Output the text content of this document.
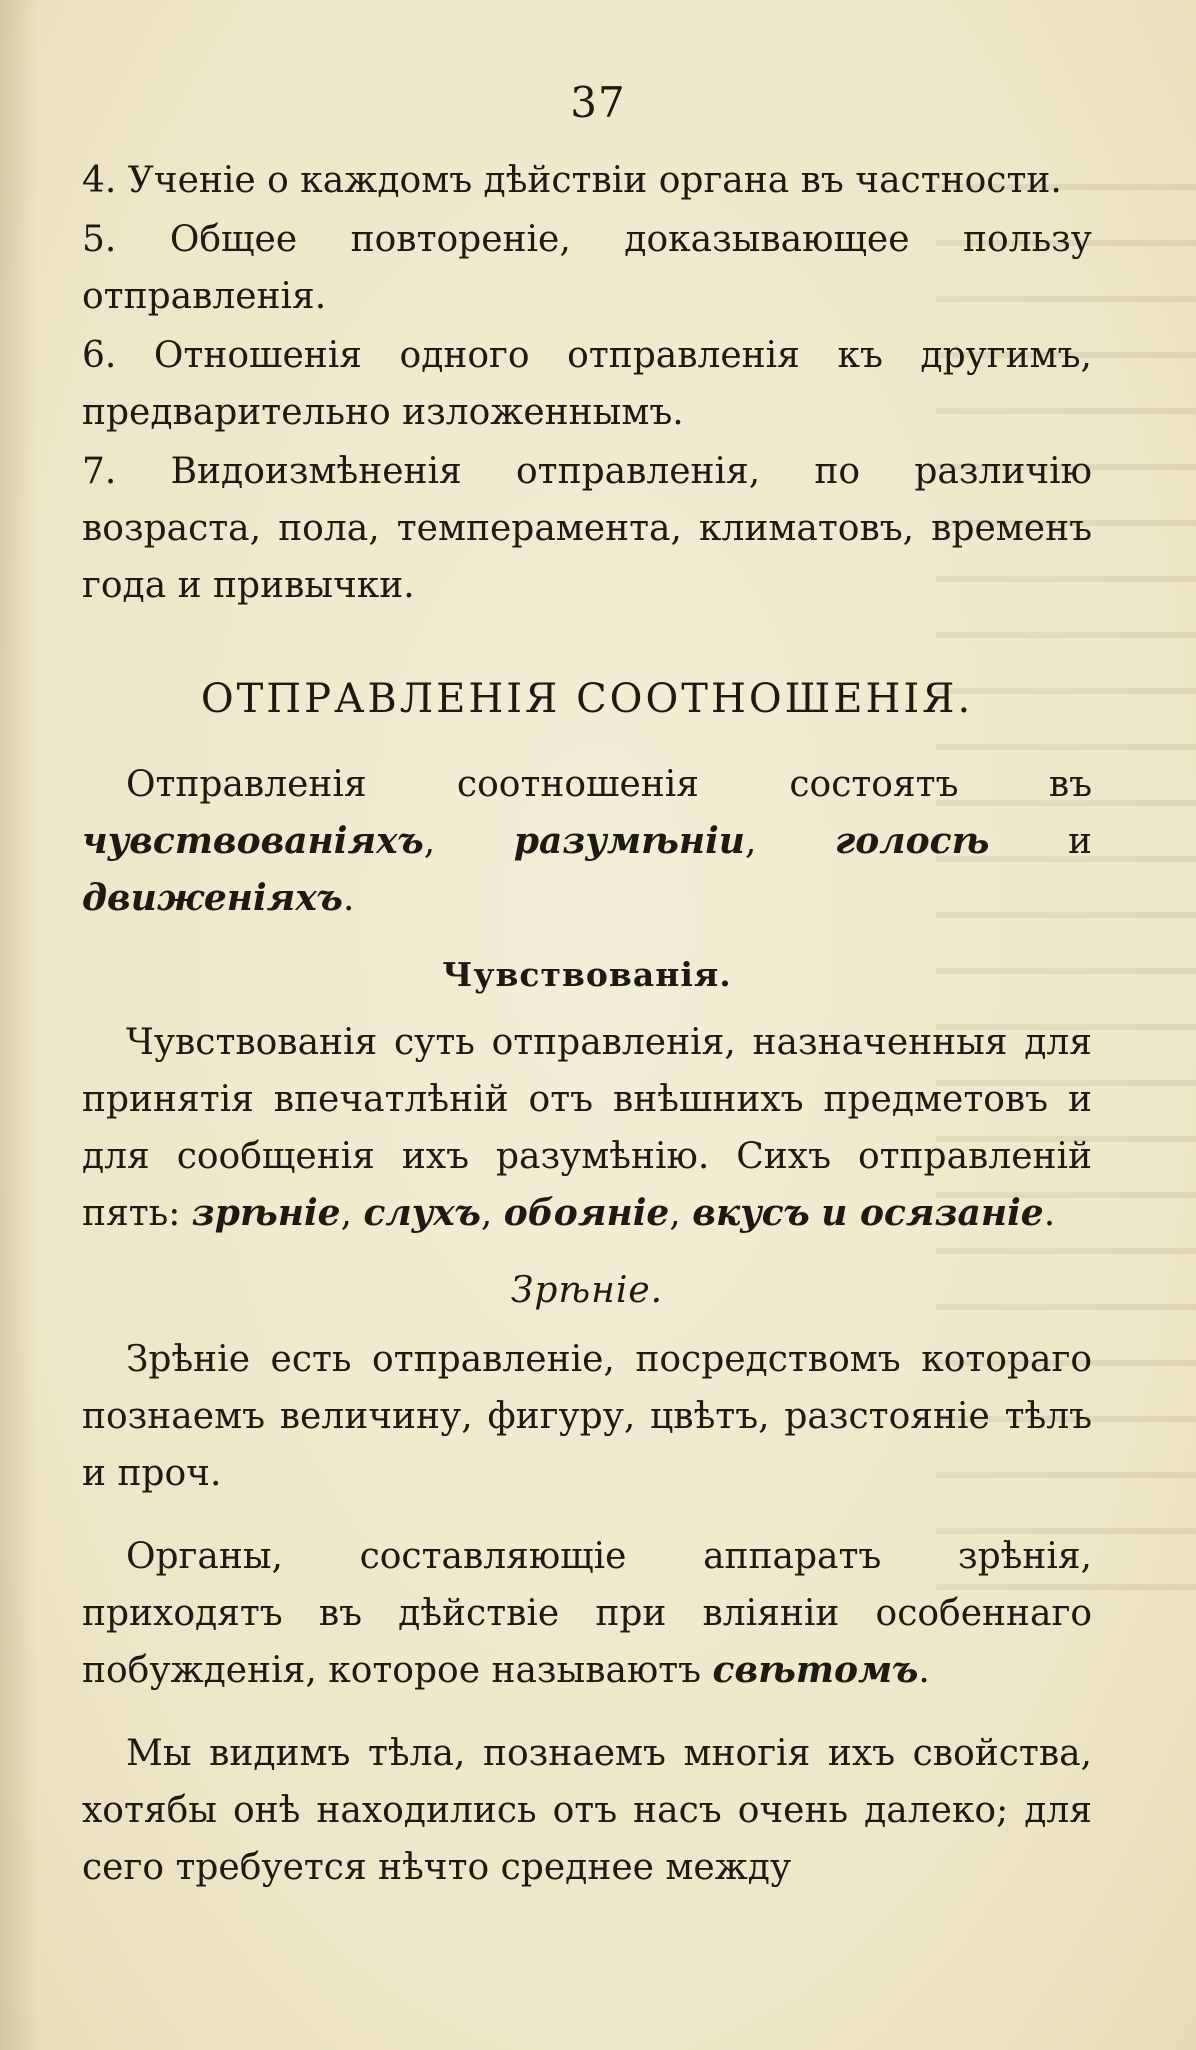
37

4. Ученіе о каждомъ дѣйствіи органа въ частности.

5. Общее повтореніе, доказывающее пользу отправленія.

6. Отношенія одного отправленія къ другимъ, предварительно изложеннымъ.

7. Видоизмѣненія отправленія, по различію возраста, пола, темперамента, климатовъ, временъ года и привычки.

ОТПРАВЛЕНІЯ СООТНОШЕНІЯ.

Отправленія соотношенія состоятъ въ чувствованіяхъ, разумѣніи, голосѣ и движеніяхъ.

Чувствованія.

Чувствованія суть отправленія, назначенныя для принятія впечатлѣній отъ внѣшнихъ предметовъ и для сообщенія ихъ разумѣнію. Сихъ отправленій пять: зрѣніе, слухъ, обояніе, вкусъ и осязаніе.

Зрѣніе.

Зрѣніе есть отправленіе, посредствомъ котораго познаемъ величину, фигуру, цвѣтъ, разстояніе тѣлъ и проч.

Органы, составляющіе аппаратъ зрѣнія, приходятъ въ дѣйствіе при вліяніи особеннаго побужденія, которое называютъ свѣтомъ.

Мы видимъ тѣла, познаемъ многія ихъ свойства, хотябы онѣ находились отъ насъ очень далеко; для сего требуется нѣчто среднее между
